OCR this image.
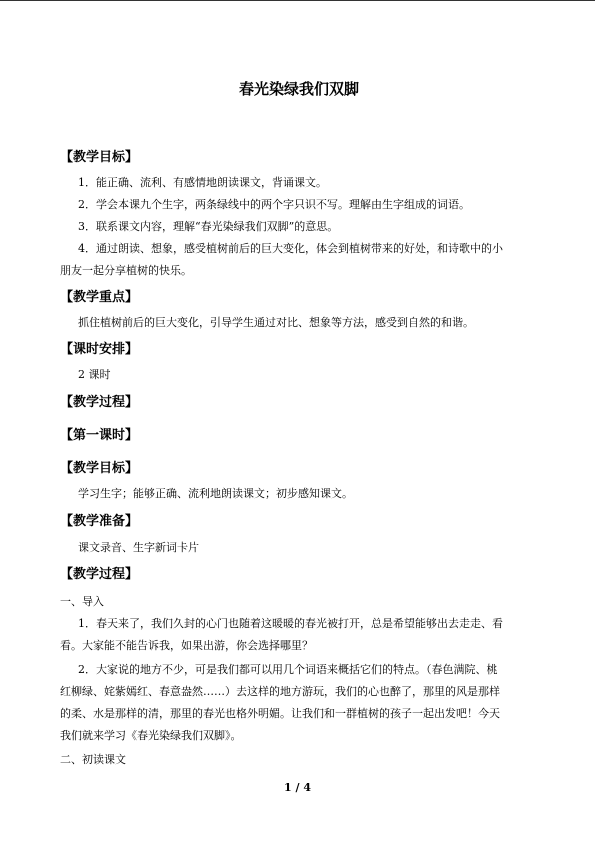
春光染绿我们双脚
【教学目标】
1．能正确、流利、有感情地朗读课文，背诵课文。
2．学会本课九个生字，两条绿线中的两个字只识不写。理解由生字组成的词语。
3．联系课文内容，理解“春光染绿我们双脚”的意思。
4．通过朗读、想象，感受植树前后的巨大变化，体会到植树带来的好处，和诗歌中的小
朋友一起分享植树的快乐。
【教学重点】
抓住植树前后的巨大变化，引导学生通过对比、想象等方法，感受到自然的和谐。
【课时安排】
2 课时
【教学过程】
【第一课时】
【教学目标】
学习生字；能够正确、流利地朗读课文；初步感知课文。
【教学准备】
课文录音、生字新词卡片
【教学过程】
一、导入
1．春天来了，我们久封的心门也随着这暖暖的春光被打开，总是希望能够出去走走、看
看。大家能不能告诉我，如果出游，你会选择哪里？
2．大家说的地方不少，可是我们都可以用几个词语来概括它们的特点。（春色满院、桃
红柳绿、姹紫嫣红、春意盎然……）去这样的地方游玩，我们的心也醉了，那里的风是那样
的柔、水是那样的清，那里的春光也格外明媚。让我们和一群植树的孩子一起出发吧！今天
我们就来学习《春光染绿我们双脚》。
二、初读课文
1 / 4
